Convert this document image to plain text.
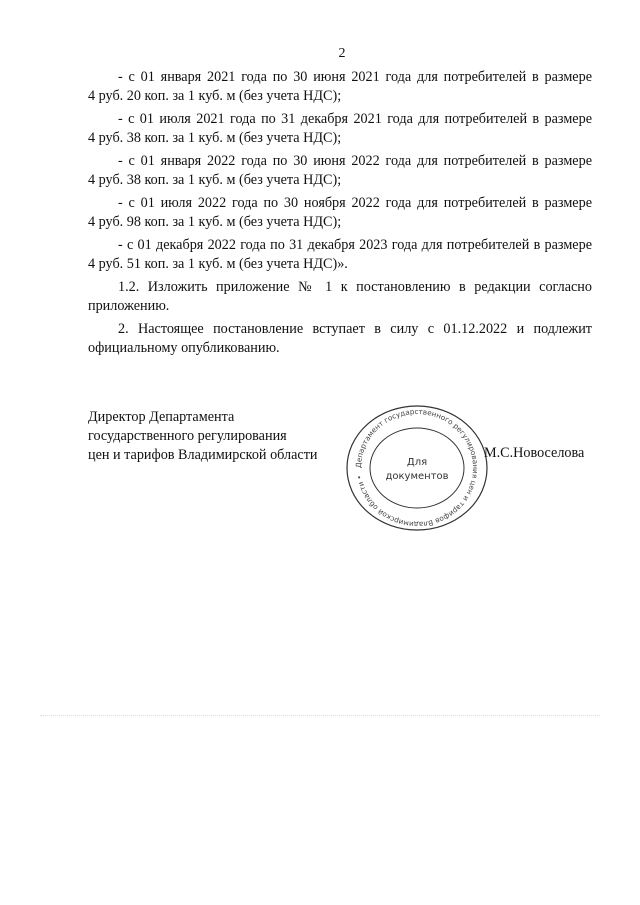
2

- с 01 января 2021 года по 30 июня 2021 года для потребителей в размере
4 руб. 20 коп. за 1 куб. м (без учета НДС);

- с 01 июля 2021 года по 31 декабря 2021 года для потребителей в размере
4 руб. 38 коп. за 1 куб. м (без учета НДС);

- с 01 января 2022 года по 30 июня 2022 года для потребителей в размере
4 руб. 38 коп. за 1 куб. м (без учета НДС);

- с 01 июля 2022 года по 30 ноября 2022 года для потребителей в размере
4 руб. 98 коп. за 1 куб. м (без учета НДС);

- с 01 декабря 2022 года по 31 декабря 2023 года для потребителей в размере
4 руб. 51 коп. за 1 куб. м (без учета НДС)».

1.2. Изложить приложение № 1 к постановлению в редакции согласно
приложению.

2. Настоящее постановление вступает в силу с 01.12.2022 и подлежит
официальному опубликованию.

Директор Департамента
государственного регулирования
цен и тарифов Владимирской области
Департамент государственного регулирования цен и тарифов Владимирской области •
Для
документов
М.С.Новоселова
